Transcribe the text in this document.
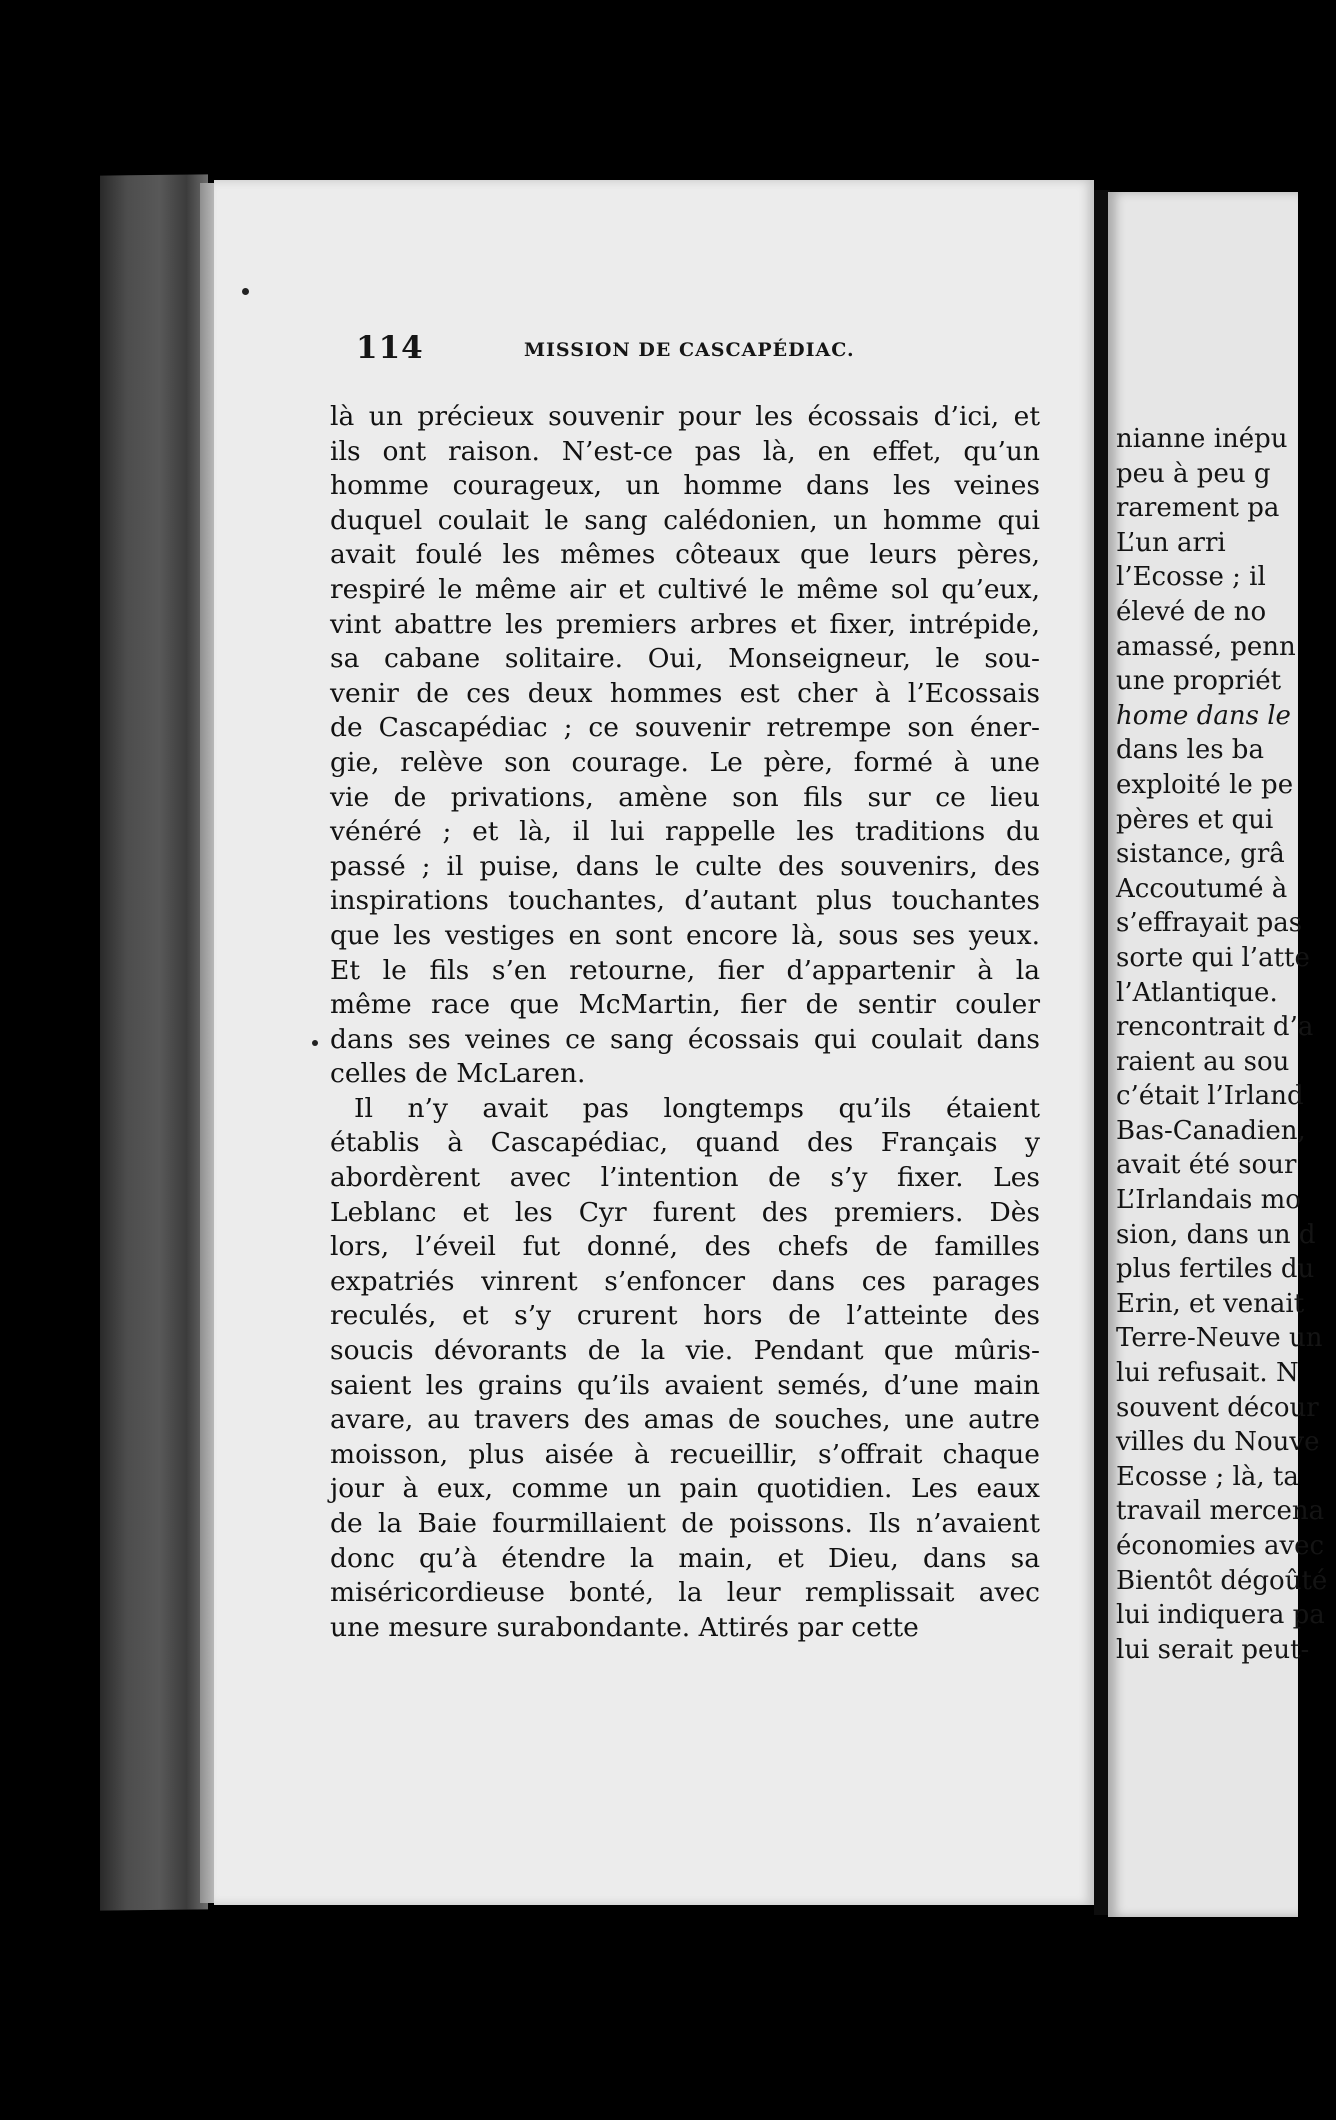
114	MISSION DE CASCAPÉDIAC.
là un précieux souvenir pour les écossais d’ici, et
ils ont raison. N’est-ce pas là, en effet, qu’un
homme courageux, un homme dans les veines
duquel coulait le sang calédonien, un homme qui
avait foulé les mêmes côteaux que leurs pères,
respiré le même air et cultivé le même sol qu’eux,
vint abattre les premiers arbres et fixer, intrépide,
sa cabane solitaire. Oui, Monseigneur, le sou-
venir de ces deux hommes est cher à l’Ecossais
de Cascapédiac ; ce souvenir retrempe son éner-
gie, relève son courage. Le père, formé à une
vie de privations, amène son fils sur ce lieu
vénéré ; et là, il lui rappelle les traditions du
passé ; il puise, dans le culte des souvenirs, des
inspirations touchantes, d’autant plus touchantes
que les vestiges en sont encore là, sous ses yeux.
Et le fils s’en retourne, fier d’appartenir à la
même race que McMartin, fier de sentir couler
dans ses veines ce sang écossais qui coulait dans
celles de McLaren.
Il n’y avait pas longtemps qu’ils étaient
établis à Cascapédiac, quand des Français y
abordèrent avec l’intention de s’y fixer. Les
Leblanc et les Cyr furent des premiers. Dès
lors, l’éveil fut donné, des chefs de familles
expatriés vinrent s’enfoncer dans ces parages
reculés, et s’y crurent hors de l’atteinte des
soucis dévorants de la vie. Pendant que mûris-
saient les grains qu’ils avaient semés, d’une main
avare, au travers des amas de souches, une autre
moisson, plus aisée à recueillir, s’offrait chaque
jour à eux, comme un pain quotidien. Les eaux
de la Baie fourmillaient de poissons. Ils n’avaient
donc qu’à étendre la main, et Dieu, dans sa
miséricordieuse bonté, la leur remplissait avec
une mesure surabondante. Attirés par cette
nianne inépu
peu à peu g
rarement pa
L’un arri
l’Ecosse ; il
élevé de no
amassé, penn
une propriét
home dans le
dans les ba
exploité le pe
pères et qui
sistance, grâ
Accoutumé à
s’effrayait pas
sorte qui l’atte
l’Atlantique.
rencontrait d’a
raient au sou
c’était l’Irland
Bas-Canadien,
avait été sour
L’Irlandais mo
sion, dans un d
plus fertiles du
Erin, et venait
Terre-Neuve un
lui refusait. N
souvent décour
villes du Nouve
Ecosse ; là, ta
travail mercena
économies avec
Bientôt dégoûté
lui indiquera pa
lui serait peut-
